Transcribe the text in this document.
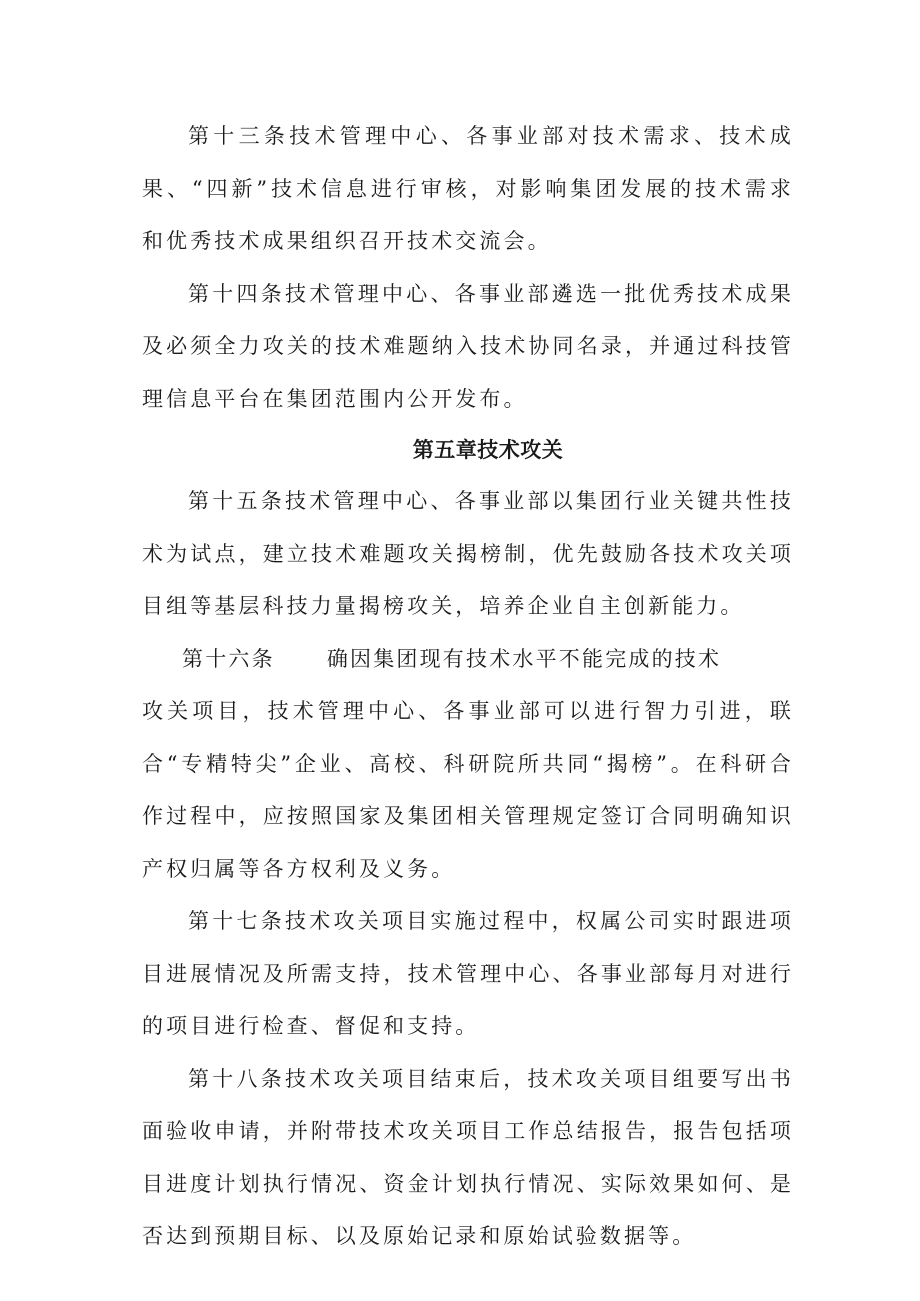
第十三条技术管理中心、各事业部对技术需求、技术成果、“四新”技术信息进行审核，对影响集团发展的技术需求和优秀技术成果组织召开技术交流会。

第十四条技术管理中心、各事业部遴选一批优秀技术成果及必须全力攻关的技术难题纳入技术协同名录，并通过科技管理信息平台在集团范围内公开发布。

第五章技术攻关

第十五条技术管理中心、各事业部以集团行业关键共性技术为试点，建立技术难题攻关揭榜制，优先鼓励各技术攻关项目组等基层科技力量揭榜攻关，培养企业自主创新能力。

第十六条 确因集团现有技术水平不能完成的技术

攻关项目，技术管理中心、各事业部可以进行智力引进，联合“专精特尖”企业、高校、科研院所共同“揭榜”。在科研合作过程中，应按照国家及集团相关管理规定签订合同明确知识产权归属等各方权利及义务。

第十七条技术攻关项目实施过程中，权属公司实时跟进项目进展情况及所需支持，技术管理中心、各事业部每月对进行的项目进行检查、督促和支持。

第十八条技术攻关项目结束后，技术攻关项目组要写出书面验收申请，并附带技术攻关项目工作总结报告，报告包括项目进度计划执行情况、资金计划执行情况、实际效果如何、是否达到预期目标、以及原始记录和原始试验数据等。
